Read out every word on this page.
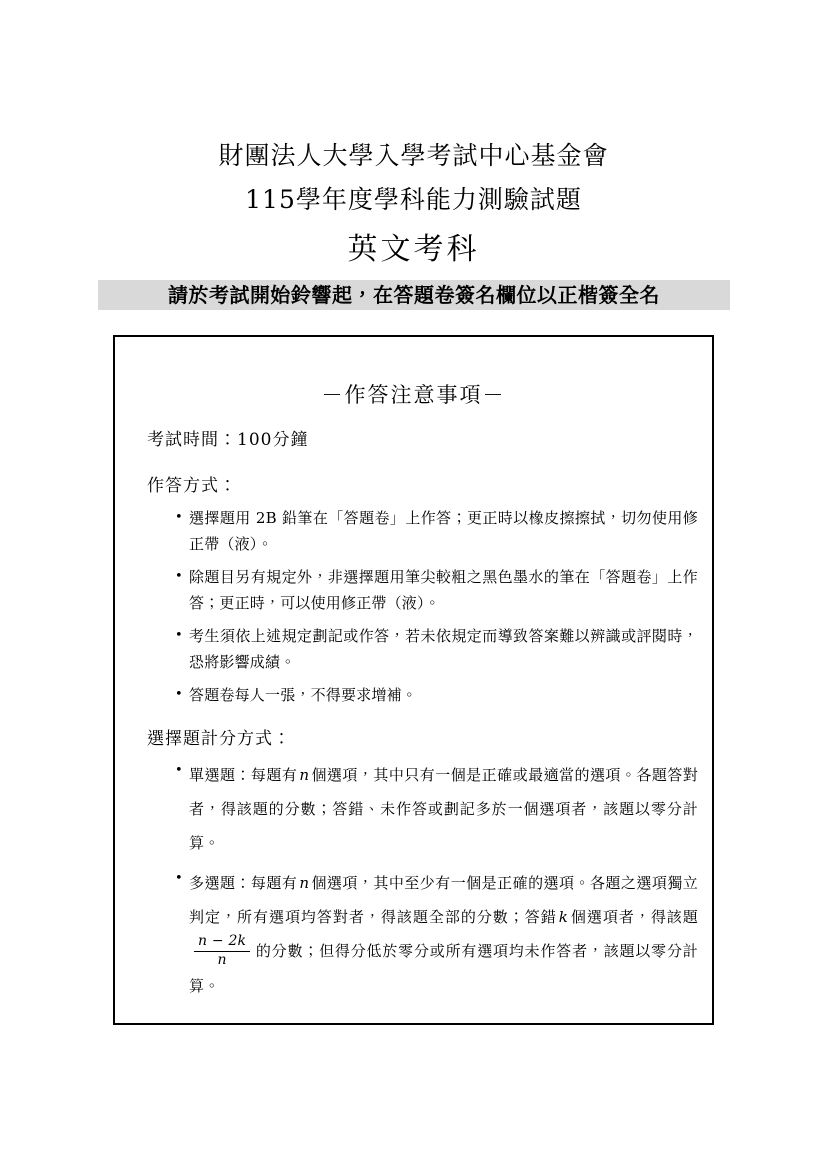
財團法人大學入學考試中心基金會
115學年度學科能力測驗試題
英文考科
請於考試開始鈴響起，在答題卷簽名欄位以正楷簽全名
－作答注意事項－

考試時間：100分鐘

作答方式：

• 選擇題用 2B 鉛筆在「答題卷」上作答；更正時以橡皮擦擦拭，切勿使用修正帶（液）。
• 除題目另有規定外，非選擇題用筆尖較粗之黑色墨水的筆在「答題卷」上作答；更正時，可以使用修正帶（液）。
• 考生須依上述規定劃記或作答，若未依規定而導致答案難以辨識或評閱時，恐將影響成績。
• 答題卷每人一張，不得要求增補。

選擇題計分方式：

• 單選題：每題有 n 個選項，其中只有一個是正確或最適當的選項。各題答對者，得該題的分數；答錯、未作答或劃記多於一個選項者，該題以零分計算。
• 多選題：每題有 n 個選項，其中至少有一個是正確的選項。各題之選項獨立判定，所有選項均答對者，得該題全部的分數；答錯 k 個選項者，得該題
$\frac{n - 2k}{n}$ 的分數；但得分低於零分或所有選項均未作答者，該題以零分計算。
